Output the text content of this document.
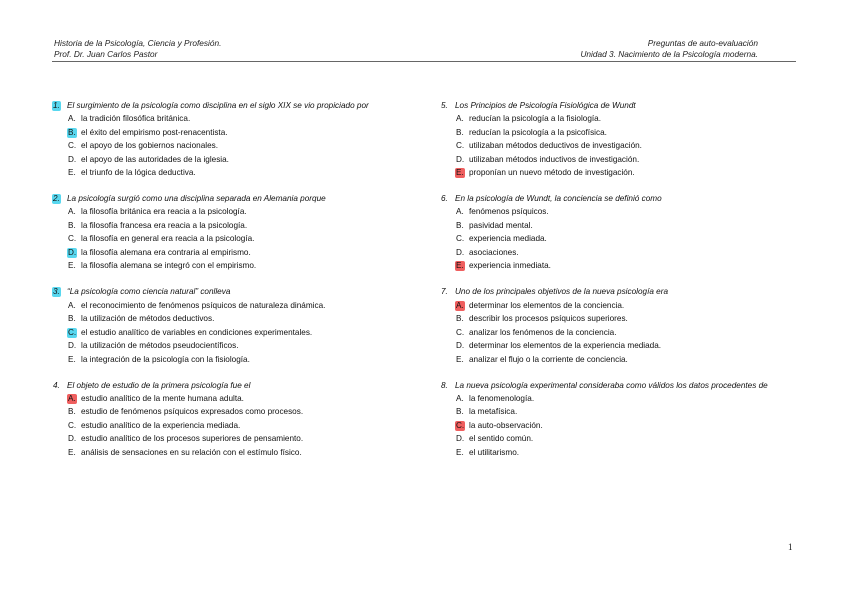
Historia de la Psicología, Ciencia y Profesión.
Prof. Dr. Juan Carlos Pastor
Preguntas de auto-evaluación
Unidad 3. Nacimiento de la Psicología moderna.
1. El surgimiento de la psicología como disciplina en el siglo XIX se vio propiciado por
A. la tradición filosófica británica.
B. el éxito del empirismo post-renacentista.
C. el apoyo de los gobiernos nacionales.
D. el apoyo de las autoridades de la iglesia.
E. el triunfo de la lógica deductiva.
2. La psicología surgió como una disciplina separada en Alemania porque
A. la filosofía británica era reacia a la psicología.
B. la filosofía francesa era reacia a la psicología.
C. la filosofía en general era reacia a la psicología.
D. la filosofía alemana era contraria al empirismo.
E. la filosofía alemana se integró con el empirismo.
3. “La psicología como ciencia natural” conlleva
A. el reconocimiento de fenómenos psíquicos de naturaleza dinámica.
B. la utilización de métodos deductivos.
C. el estudio analítico de variables en condiciones experimentales.
D. la utilización de métodos pseudocientíficos.
E. la integración de la psicología con la fisiología.
4. El objeto de estudio de la primera psicología fue el
A. estudio analítico de la mente humana adulta.
B. estudio de fenómenos psíquicos expresados como procesos.
C. estudio analítico de la experiencia mediada.
D. estudio analítico de los procesos superiores de pensamiento.
E. análisis de sensaciones en su relación con el estímulo físico.
5. Los Principios de Psicología Fisiológica de Wundt
A. reducían la psicología a la fisiología.
B. reducían la psicología a la psicofísica.
C. utilizaban métodos deductivos de investigación.
D. utilizaban métodos inductivos de investigación.
E. proponían un nuevo método de investigación.
6. En la psicología de Wundt, la conciencia se definió como
A. fenómenos psíquicos.
B. pasividad mental.
C. experiencia mediada.
D. asociaciones.
E. experiencia inmediata.
7. Uno de los principales objetivos de la nueva psicología era
A. determinar los elementos de la conciencia.
B. describir los procesos psíquicos superiores.
C. analizar los fenómenos de la conciencia.
D. determinar los elementos de la experiencia mediada.
E. analizar el flujo o la corriente de conciencia.
8. La nueva psicología experimental consideraba como válidos los datos procedentes de
A. la fenomenología.
B. la metafísica.
C. la auto-observación.
D. el sentido común.
E. el utilitarismo.
1
